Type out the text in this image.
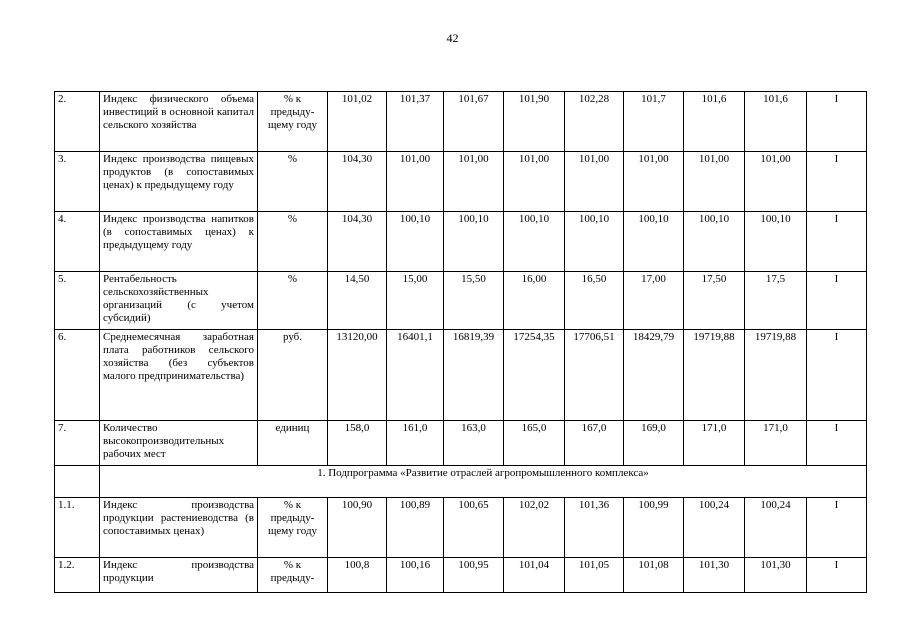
42
2.	Индекс физического объема инвестиций в основной капитал сельского хозяйства	% к предыду- щему году	101,02	101,37	101,67	101,90	102,28	101,7	101,6	101,6	I
3.	Индекс производства пищевых продуктов (в сопоставимых ценах) к предыдущему году	%	104,30	101,00	101,00	101,00	101,00	101,00	101,00	101,00	I
4.	Индекс производства напитков (в сопоставимых ценах) к предыдущему году	%	104,30	100,10	100,10	100,10	100,10	100,10	100,10	100,10	I
5.	Рентабельность сельскохозяйственных организаций (с учетом субсидий)	%	14,50	15,00	15,50	16,00	16,50	17,00	17,50	17,5	I
6.	Среднемесячная заработная плата работников сельского хозяйства (без субъектов малого предпринимательства)	руб.	13120,00	16401,1	16819,39	17254,35	17706,51	18429,79	19719,88	19719,88	I
7.	Количество высокопроизводительных рабочих мест	единиц	158,0	161,0	163,0	165,0	167,0	169,0	171,0	171,0	I
	1. Подпрограмма «Развитие отраслей агропромышленного комплекса»										
1.1.	Индекс производства продукции растениеводства (в сопоставимых ценах)	% к предыду- щему году	100,90	100,89	100,65	102,02	101,36	100,99	100,24	100,24	I
1.2.	Индекс производства продукции	% к предыду-	100,8	100,16	100,95	101,04	101,05	101,08	101,30	101,30	I
